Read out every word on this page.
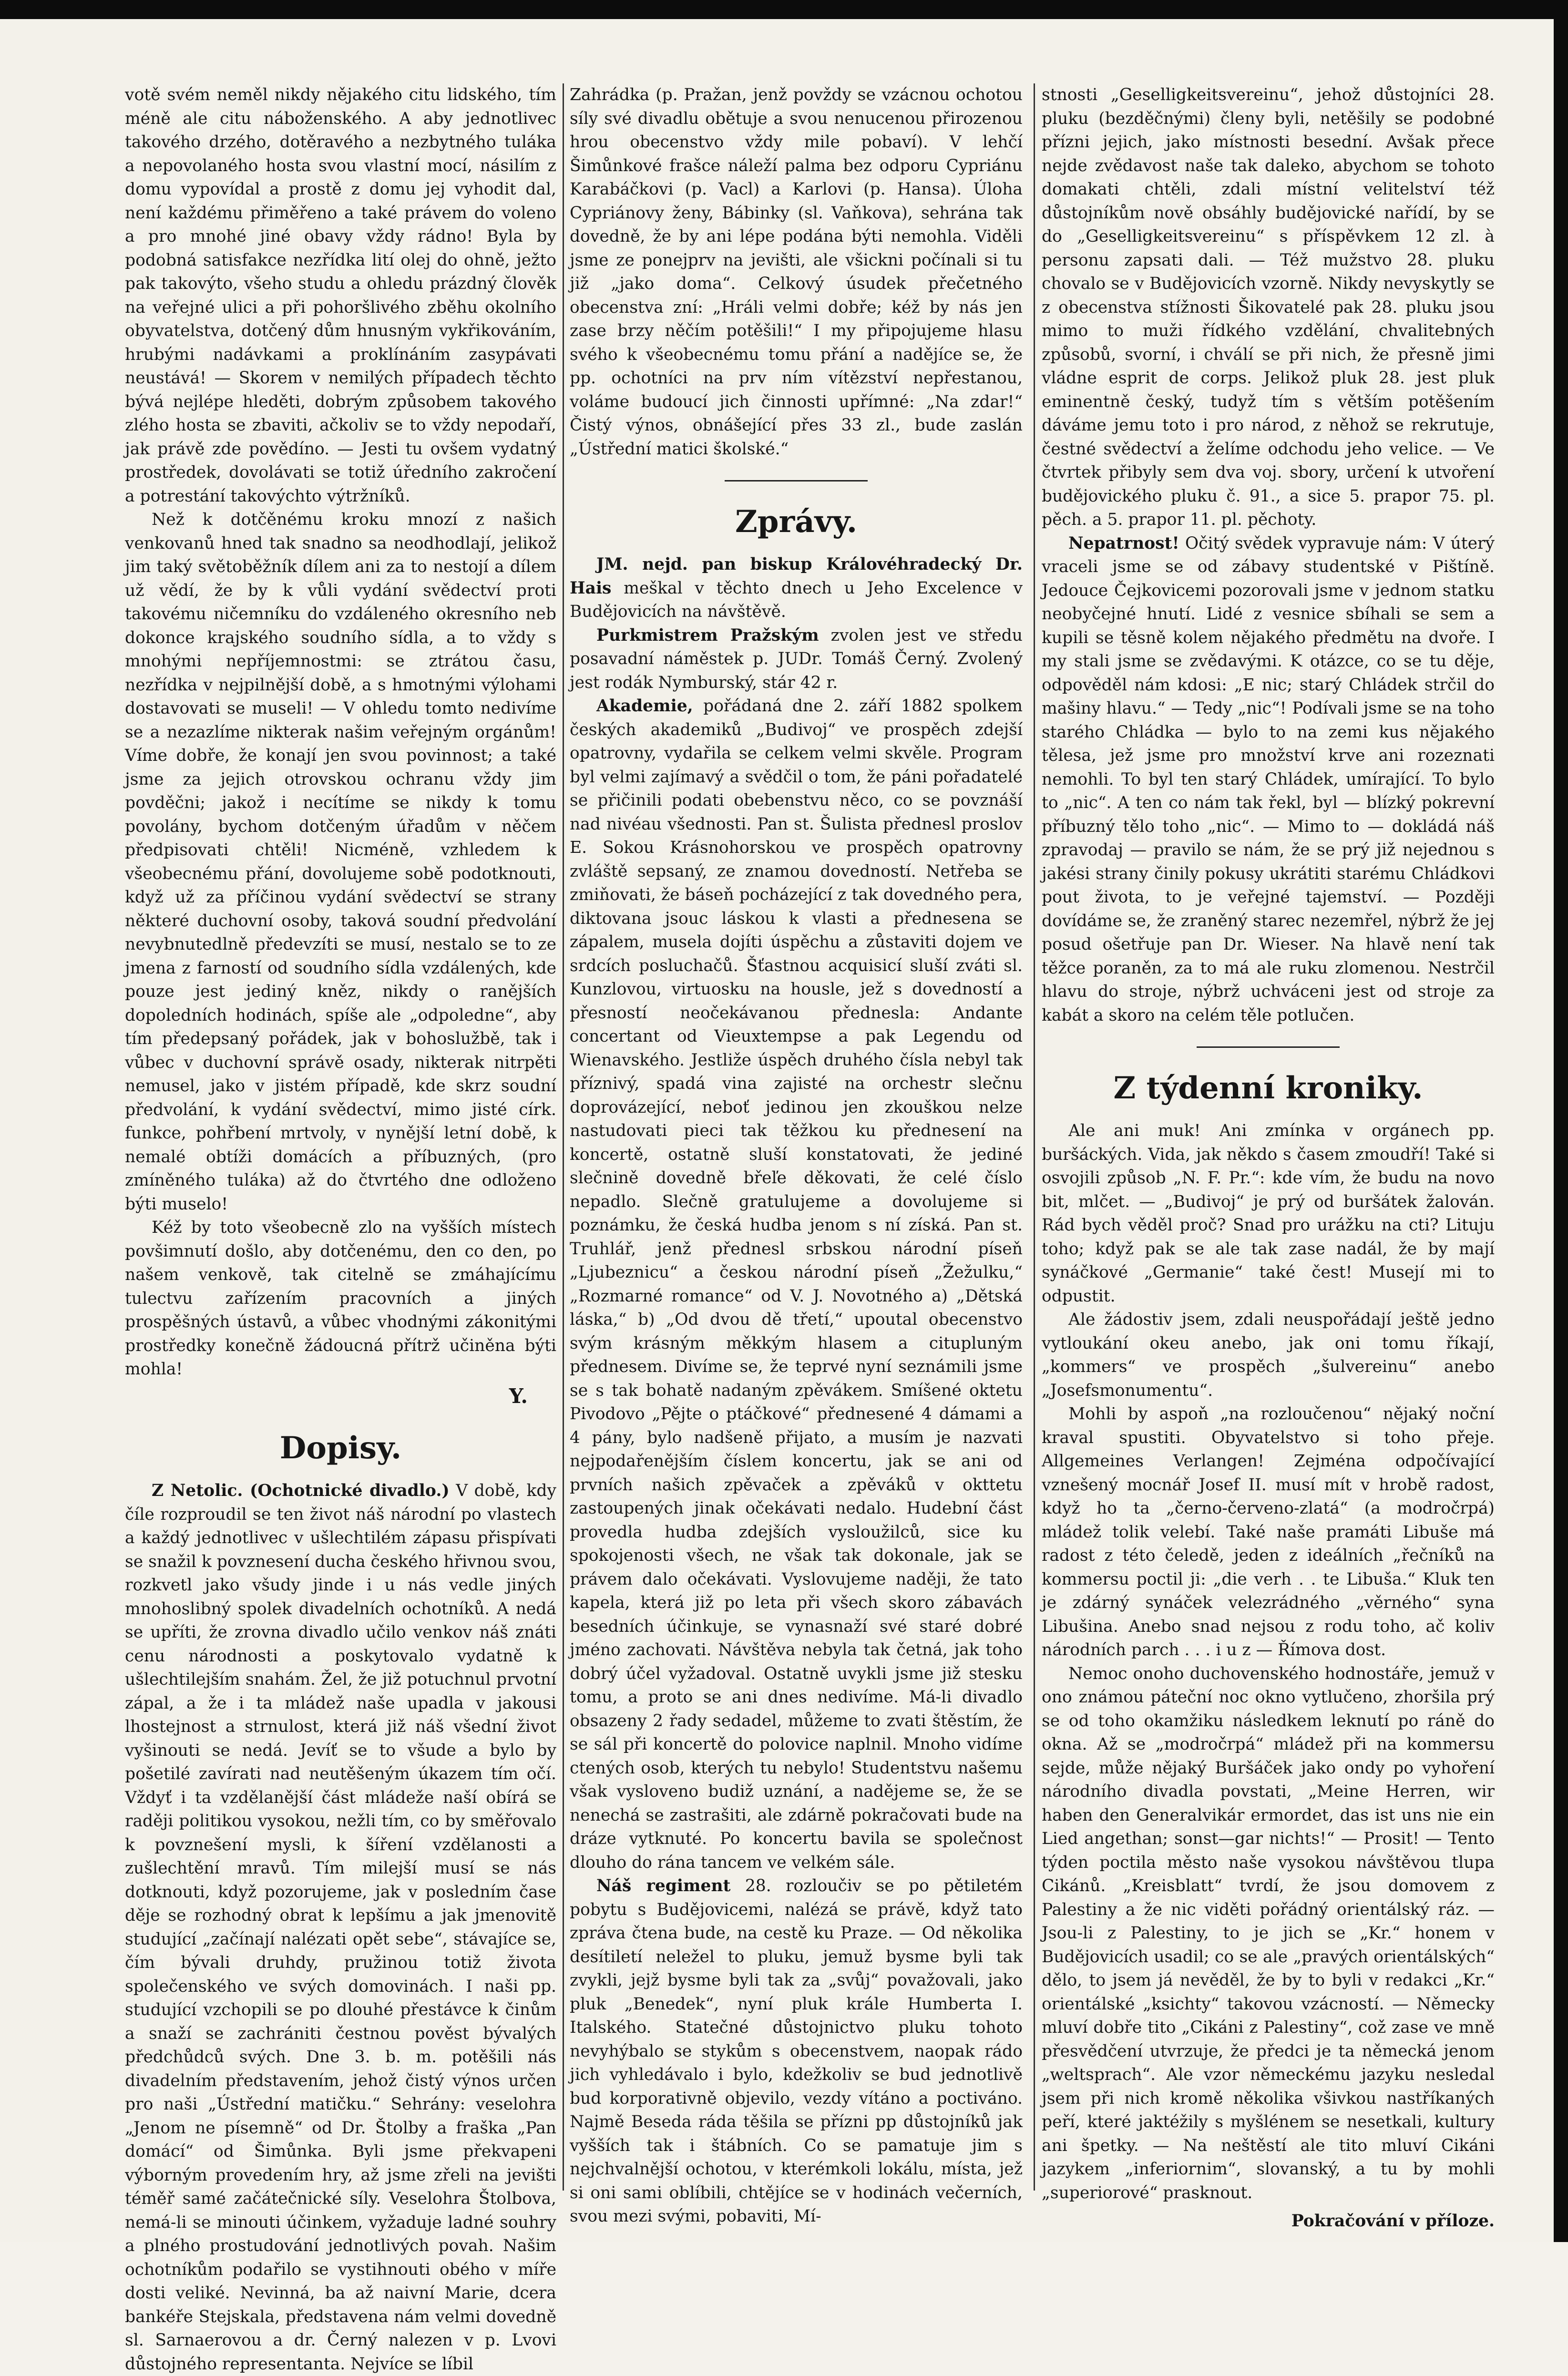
votě svém neměl nikdy nějakého citu lidského, tím méně ale citu náboženského. A aby jednotlivec takového drzého, dotěravého a nezbytného tuláka a nepovolaného hosta svou vlastní mocí, násilím z domu vypovídal a prostě z domu jej vyhodit dal, není každému přiměřeno a také právem do voleno a pro mnohé jiné obavy vždy rádno! Byla by podobná satisfakce nezřídka lití olej do ohně, ježto pak takovýto, všeho studu a ohledu prázdný člověk na veřejné ulici a při pohoršlivého zběhu okolního obyvatelstva, dotčený dům hnusným vykřikováním, hrubými nadávkami a proklínáním zasypávati neustává! — Skorem v nemilých případech těchto bývá nejlépe hleděti, dobrým způsobem takového zlého hosta se zbaviti, ačkoliv se to vždy nepodaří, jak právě zde povědíno. — Jesti tu ovšem vydatný prostředek, dovolávati se totiž úředního zakročení a potrestání takovýchto výtržníků.

Než k dotčěnému kroku mnozí z našich venkovanů hned tak snadno sa neodhodlají, jelikož jim taký světoběžník dílem ani za to nestojí a dílem už vědí, že by k vůli vydání svědectví proti takovému ničemníku do vzdáleného okresního neb dokonce krajského soudního sídla, a to vždy s mnohými nepříjemnostmi: se ztrátou času, nezřídka v nejpilnější době, a s hmotnými výlohami dostavovati se museli! — V ohledu tomto nedivíme se a nezazlíme nikterak našim veřejným orgánům! Víme dobře, že konají jen svou povinnost; a také jsme za jejich otrovskou ochranu vždy jim povděčni; jakož i necítíme se nikdy k tomu povolány, bychom dotčeným úřadům v něčem předpisovati chtěli! Nicméně, vzhledem k všeobecnému přání, dovolujeme sobě podotknouti, když už za příčinou vydání svědectví se strany některé duchovní osoby, taková soudní předvolání nevybnutedlně předevzíti se musí, nestalo se to ze jmena z farností od soudního sídla vzdálených, kde pouze jest jediný kněz, nikdy o ranějších dopoledních hodinách, spíše ale „odpoledne“, aby tím předepsaný pořádek, jak v bohoslužbě, tak i vůbec v duchovní správě osady, nikterak nitrpěti nemusel, jako v jistém případě, kde skrz soudní předvolání, k vydání svědectví, mimo jisté círk. funkce, pohřbení mrtvoly, v nynější letní době, k nemalé obtíži domácích a příbuzných, (pro zmíněného tuláka) až do čtvrtého dne odloženo býti muselo!

Kéž by toto všeobecně zlo na vyšších místech povšimnutí došlo, aby dotčenému, den co den, po našem venkově, tak citelně se zmáhajícímu tulectvu zařízením pracovních a jiných prospěšných ústavů, a vůbec vhodnými zákonitými prostředky konečně žádoucná přítrž učiněna býti mohla!

Y.
Dopisy.

Z Netolic. (Ochotnické divadlo.) V době, kdy číle rozproudil se ten život náš národní po vlastech a každý jednotlivec v ušlechtilém zápasu přispívati se snažil k povznesení ducha českého hřivnou svou, rozkvetl jako všudy jinde i u nás vedle jiných mnohoslibný spolek divadelních ochotníků. A nedá se upříti, že zrovna divadlo učilo venkov náš znáti cenu národnosti a poskytovalo vydatně k ušlechtilejším snahám. Žel, že již potuchnul prvotní zápal, a že i ta mládež naše upadla v jakousi lhostejnost a strnulost, která již náš všední život vyšinouti se nedá. Jevíť se to všude a bylo by pošetilé zavírati nad neutěšeným úkazem tím očí. Vždyť i ta vzdělanější část mládeže naší obírá se raději politikou vysokou, nežli tím, co by směřovalo k povznešení mysli, k šíření vzdělanosti a zušlechtění mravů. Tím milejší musí se nás dotknouti, když pozorujeme, jak v posledním čase děje se rozhodný obrat k lepšímu a jak jmenovitě studující „začínají nalézati opět sebe“, stávajíce se, čím bývali druhdy, pružinou totiž života společenského ve svých domovinách. I naši pp. studující vzchopili se po dlouhé přestávce k činům a snaží se zachrániti čestnou pověst bývalých předchůdců svých. Dne 3. b. m. potěšili nás divadelním představením, jehož čistý výnos určen pro naši „Ústřední matičku.“ Sehrány: veselohra „Jenom ne písemně“ od Dr. Štolby a fraška „Pan domácí“ od Šimůnka. Byli jsme překvapeni výborným provedením hry, až jsme zřeli na jevišti téměř samé začátečnické síly. Veselohra Štolbova, nemá-li se minouti účinkem, vyžaduje ladné souhry a plného prostudování jednotlivých povah. Našim ochotníkům podařilo se vystihnouti obého v míře dosti veliké. Nevinná, ba až naivní Marie, dcera bankéře Stejskala, představena nám velmi dovedně sl. Sarnaerovou a dr. Černý nalezen v p. Lvovi důstojného representanta. Nejvíce se líbil

Zahrádka (p. Pražan, jenž povždy se vzácnou ochotou síly své divadlu obětuje a svou nenucenou přirozenou hrou obecenstvo vždy mile pobaví). V lehčí Šimůnkové frašce náleží palma bez odporu Cypriánu Karabáčkovi (p. Vacl) a Karlovi (p. Hansa). Úloha Cypriánovy ženy, Bábinky (sl. Vaňkova), sehrána tak dovedně, že by ani lépe podána býti nemohla. Viděli jsme ze ponejprv na jevišti, ale všickni počínali si tu již „jako doma“. Celkový úsudek přečetného obecenstva zní: „Hráli velmi dobře; kéž by nás jen zase brzy něčím potěšili!“ I my připojujeme hlasu svého k všeobecnému tomu přání a nadějíce se, že pp. ochotníci na prv ním vítězství nepřestanou, voláme budoucí jich činnosti upřímné: „Na zdar!“ Čistý výnos, obnášející přes 33 zl., bude zaslán „Ústřední matici školské.“

Zprávy.

JM. nejd. pan biskup Královéhradecký Dr. Hais meškal v těchto dnech u Jeho Excelence v Budějovicích na návštěvě.

Purkmistrem Pražským zvolen jest ve středu posavadní náměstek p. JUDr. Tomáš Černý. Zvolený jest rodák Nymburský, stár 42 r.

Akademie, pořádaná dne 2. září 1882 spolkem českých akademiků „Budivoj“ ve prospěch zdejší opatrovny, vydařila se celkem velmi skvěle. Program byl velmi zajímavý a svědčil o tom, že páni pořadatelé se přičinili podati obebenstvu něco, co se povznáší nad nivéau všednosti. Pan st. Šulista přednesl proslov E. Sokou Krásnohorskou ve prospěch opatrovny zvláště sepsaný, ze znamou dovedností. Netřeba se zmiňovati, že báseň pocházející z tak dovedného pera, diktovana jsouc láskou k vlasti a přednesena se zápalem, musela dojíti úspěchu a zůstaviti dojem ve srdcích posluchačů. Šťastnou acquisicí sluší zváti sl. Kunzlovou, virtuosku na housle, jež s dovedností a přesností neočekávanou přednesla: Andante concertant od Vieuxtempse a pak Legendu od Wienavského. Jestliže úspěch druhého čísla nebyl tak příznivý, spadá vina zajisté na orchestr slečnu doprovázející, neboť jedinou jen zkouškou nelze nastudovati pieci tak těžkou ku přednesení na koncertě, ostatně sluší konstatovati, že jediné slečnině dovedně břeľe děkovati, že celé číslo nepadlo. Slečně gratulujeme a dovolujeme si poznámku, že česká hudba jenom s ní získá. Pan st. Truhlář, jenž přednesl srbskou národní píseň „Ljubeznicu“ a českou národní píseň „Žežulku,“ „Rozmarné romance“ od V. J. Novotného a) „Dětská láska,“ b) „Od dvou dě třetí,“ upoutal obecenstvo svým krásným měkkým hlasem a citupluným přednesem. Divíme se, že teprvé nyní seznámili jsme se s tak bohatě nadaným zpěvákem. Smíšené oktetu Pivodovo „Pějte o ptáčkové“ přednesené 4 dámami a 4 pány, bylo nadšeně přijato, a musím je nazvati nejpodařenějším číslem koncertu, jak se ani od prvních našich zpěvaček a zpěváků v okttetu zastoupených jinak očekávati nedalo. Hudební část provedla hudba zdejších vysloužilců, sice ku spokojenosti všech, ne však tak dokonale, jak se právem dalo očekávati. Vyslovujeme naději, že tato kapela, která již po leta při všech skoro zábavách besedních účinkuje, se vynasnaží své staré dobré jméno zachovati. Návštěva nebyla tak četná, jak toho dobrý účel vyžadoval. Ostatně uvykli jsme již stesku tomu, a proto se ani dnes nedivíme. Má-li divadlo obsazeny 2 řady sedadel, můžeme to zvati štěstím, že se sál při koncertě do polovice naplnil. Mnoho vidíme ctených osob, kterých tu nebylo! Studentstvu našemu však vysloveno budiž uznání, a nadějeme se, že se nenechá se zastrašiti, ale zdárně pokračovati bude na dráze vytknuté. Po koncertu bavila se společnost dlouho do rána tancem ve velkém sále.

Náš regiment 28. rozloučiv se po pětiletém pobytu s Budějovicemi, nalézá se právě, když tato zpráva čtena bude, na cestě ku Praze. — Od několika desítiletí neležel to pluku, jemuž bysme byli tak zvykli, jejž bysme byli tak za „svůj“ považovali, jako pluk „Benedek“, nyní pluk krále Humberta I. Italského. Statečné důstojnictvo pluku tohoto nevyhýbalo se stykům s obecenstvem, naopak rádo jich vyhledávalo i bylo, kdežkoliv se bud jednotlivě bud korporativně objevilo, vezdy vítáno a poctiváno. Najmě Beseda ráda těšila se přízni pp důstojníků jak vyšších tak i štábních. Co se pamatuje jim s nejchvalnější ochotou, v kterémkoli lokálu, místa, jež si oni sami oblíbili, chtějíce se v hodinách večerních, svou mezi svými, pobaviti, Mí-

stnosti „Geselligkeitsvereinu“, jehož důstojníci 28. pluku (bezděčnými) členy byli, netěšily se podobné přízni jejich, jako místnosti besední. Avšak přece nejde zvědavost naše tak daleko, abychom se tohoto domakati chtěli, zdali místní velitelství též důstojníkům nově obsáhly budějovické nařídí, by se do „Geselligkeitsvereinu“ s příspěvkem 12 zl. à personu zapsati dali. — Též mužstvo 28. pluku chovalo se v Budějovicích vzorně. Nikdy nevyskytly se z obecenstva stížnosti Šikovatelé pak 28. pluku jsou mimo to muži řídkého vzdělání, chvalitebných způsobů, svorní, i chválí se při nich, že přesně jimi vládne esprit de corps. Jelikož pluk 28. jest pluk eminentně český, tudyž tím s větším potěšením dáváme jemu toto i pro národ, z něhož se rekrutuje, čestné svědectví a želíme odchodu jeho velice. — Ve čtvrtek přibyly sem dva voj. sbory, určení k utvoření budějovického pluku č. 91., a sice 5. prapor 75. pl. pěch. a 5. prapor 11. pl. pěchoty.

Nepatrnost! Očitý svědek vypravuje nám: V úterý vraceli jsme se od zábavy studentské v Pištíně. Jedouce Čejkovicemi pozorovali jsme v jednom statku neobyčejné hnutí. Lidé z vesnice sbíhali se sem a kupili se těsně kolem nějakého předmětu na dvoře. I my stali jsme se zvědavými. K otázce, co se tu děje, odpověděl nám kdosi: „E nic; starý Chládek strčil do mašiny hlavu.“ — Tedy „nic“! Podívali jsme se na toho starého Chládka — bylo to na zemi kus nějakého tělesa, jež jsme pro množství krve ani rozeznati nemohli. To byl ten starý Chládek, umírající. To bylo to „nic“. A ten co nám tak řekl, byl — blízký pokrevní příbuzný tělo toho „nic“. — Mimo to — dokládá náš zpravodaj — pravilo se nám, že se prý již nejednou s jakési strany činily pokusy ukrátiti starému Chládkovi pout života, to je veřejné tajemství. — Později dovídáme se, že zraněný starec nezemřel, nýbrž že jej posud ošetřuje pan Dr. Wieser. Na hlavě není tak těžce poraněn, za to má ale ruku zlomenou. Nestrčil hlavu do stroje, nýbrž uchváceni jest od stroje za kabát a skoro na celém těle potlučen.

Z týdenní kroniky.

Ale ani muk! Ani zmínka v orgánech pp. buršáckých. Vida, jak někdo s časem zmoudří! Také si osvojili způsob „N. F. Pr.“: kde vím, že budu na novo bit, mlčet. — „Budivoj“ je prý od buršátek žalován. Rád bych věděl proč? Snad pro urážku na cti? Lituju toho; když pak se ale tak zase nadál, že by mají synáčkové „Germanie“ také čest! Musejí mi to odpustit.

Ale žádostiv jsem, zdali neuspořádají ještě jedno vytloukání okeu anebo, jak oni tomu říkají, „kommers“ ve prospěch „šulvereinu“ anebo „Josefsmonumentu“.

Mohli by aspoň „na rozloučenou“ nějaký noční kraval spustiti. Obyvatelstvo si toho přeje. Allgemeines Verlangen! Zejména odpočívající vznešený mocnář Josef II. musí mít v hrobě radost, když ho ta „černo-červeno-zlatá“ (a modročrpá) mládež tolik velebí. Také naše pramáti Libuše má radost z této čeledě, jeden z ideálních „řečníků na kommersu poctil ji: „die verh . . te Libuša.“ Kluk ten je zdárný synáček velezrádného „věrného“ syna Libušina. Anebo snad nejsou z rodu toho, ač koliv národních parch . . . i u z — Římova dost.

Nemoc onoho duchovenského hodnostáře, jemuž v ono známou páteční noc okno vytlučeno, zhoršila prý se od toho okamžiku následkem leknutí po ráně do okna. Až se „modročrpá“ mládež při na kommersu sejde, může nějaký Buršáček jako ondy po vyhoření národního divadla povstati, „Meine Herren, wir haben den Generalvikár ermordet, das ist uns nie ein Lied angethan; sonst—gar nichts!“ — Prosit! — Tento týden poctila město naše vysokou návštěvou tlupa Cikánů. „Kreisblatt“ tvrdí, že jsou domovem z Palestiny a že nic viděti pořádný orientálský ráz. — Jsou-li z Palestiny, to je jich se „Kr.“ honem v Budějovicích usadil; co se ale „pravých orientálských“ dělo, to jsem já nevěděl, že by to byli v redakci „Kr.“ orientálské „ksichty“ takovou vzácností. — Německy mluví dobře tito „Cikáni z Palestiny“, což zase ve mně přesvědčení utvrzuje, že předci je ta německá jenom „weltsprach“. Ale vzor německému jazyku nesledal jsem při nich kromě několika všivkou nastříkaných peří, které jaktéžily s myšlénem se nesetkali, kultury ani špetky. — Na neštěstí ale tito mluví Cikáni jazykem „inferiornim“, slovanský, a tu by mohli „superiorové“ prasknout.

Pokračování v příloze.
